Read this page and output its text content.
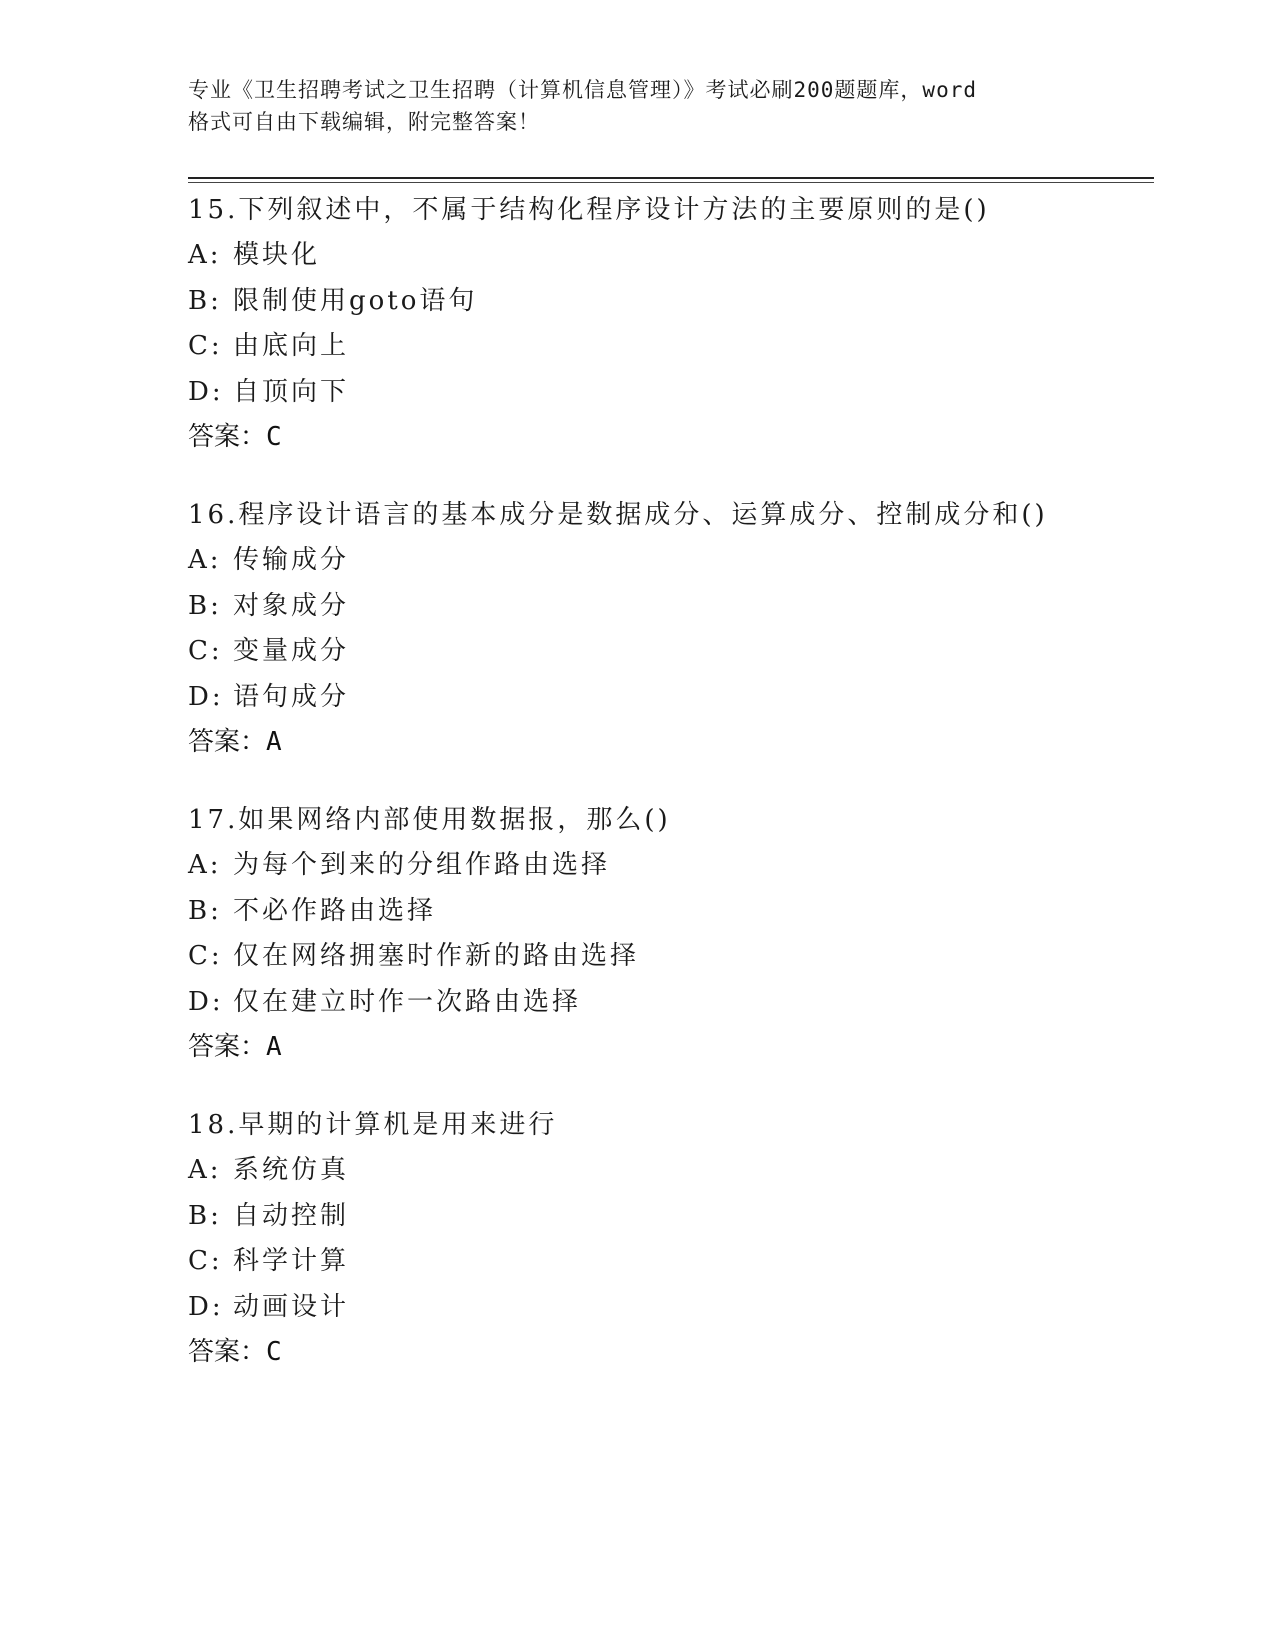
专业《卫生招聘考试之卫生招聘（计算机信息管理）》考试必刷200题题库，word
格式可自由下载编辑，附完整答案！
15.下列叙述中，不属于结构化程序设计方法的主要原则的是()
A: 模块化
B: 限制使用goto语句
C: 由底向上
D: 自顶向下
答案：C
16.程序设计语言的基本成分是数据成分、运算成分、控制成分和()
A: 传输成分
B: 对象成分
C: 变量成分
D: 语句成分
答案：A
17.如果网络内部使用数据报，那么()
A: 为每个到来的分组作路由选择
B: 不必作路由选择
C: 仅在网络拥塞时作新的路由选择
D: 仅在建立时作一次路由选择
答案：A
18.早期的计算机是用来进行
A: 系统仿真
B: 自动控制
C: 科学计算
D: 动画设计
答案：C
